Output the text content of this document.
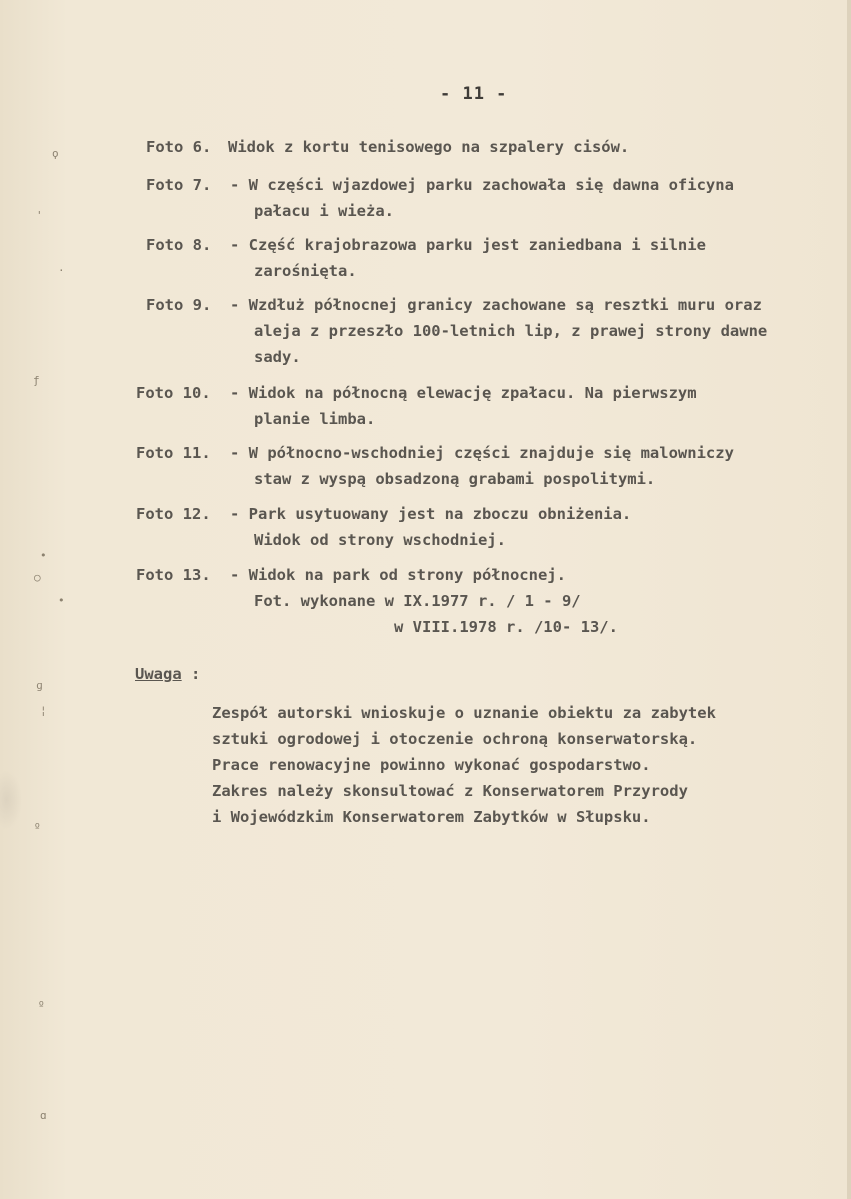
ϙ
'
·
ƒ
•
○
•
ɡ
¦
º
º
ɑ
- 11 -
Foto 6. Widok z kortu tenisowego na szpalery cisów.
Foto 7. - W części wjazdowej parku zachowała się dawna oficyna
pałacu i wieża.
Foto 8. - Część krajobrazowa parku jest zaniedbana i silnie
zarośnięta.
Foto 9. - Wzdłuż północnej granicy zachowane są resztki muru oraz
aleja z przeszło 100-letnich lip, z prawej strony dawne
sady.
Foto 10. - Widok na północną elewację zpałacu. Na pierwszym
planie limba.
Foto 11. - W północno-wschodniej części znajduje się malowniczy
staw z wyspą obsadzoną grabami pospolitymi.
Foto 12. - Park usytuowany jest na zboczu obniżenia.
Widok od strony wschodniej.
Foto 13. - Widok na park od strony północnej.
Fot. wykonane w IX.1977 r. / 1 - 9/
w VIII.1978 r. /10- 13/.
Uwaga :
Zespół autorski wnioskuje o uznanie obiektu za zabytek
sztuki ogrodowej i otoczenie ochroną konserwatorską.
Prace renowacyjne powinno wykonać gospodarstwo.
Zakres należy skonsultować z Konserwatorem Przyrody
i Wojewódzkim Konserwatorem Zabytków w Słupsku.
